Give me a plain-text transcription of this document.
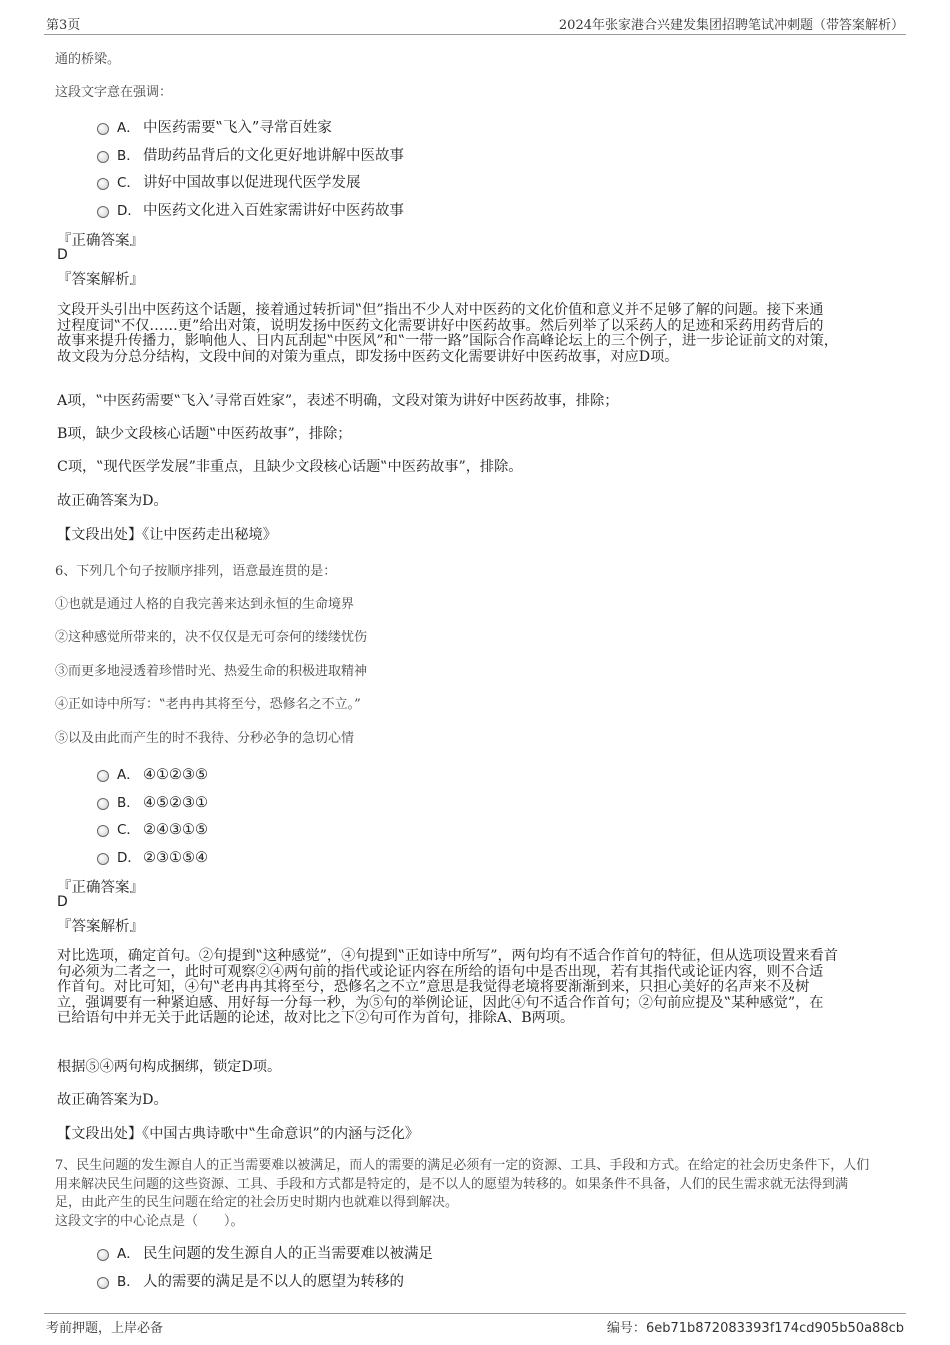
第3页	2024年张家港合兴建发集团招聘笔试冲刺题（带答案解析）
通的桥梁。
这段文字意在强调：
A． 中医药需要‟飞入”寻常百姓家
B． 借助药品背后的文化更好地讲解中医故事
C． 讲好中国故事以促进现代医学发展
D． 中医药文化进入百姓家需讲好中医药故事
『正确答案』
D
『答案解析』

文段开头引出中医药这个话题，接着通过转折词‟但”指出不少人对中医药的文化价值和意义并不足够了解的问题。接下来通

过程度词‟不仅……更”给出对策，说明发扬中医药文化需要讲好中医药故事。然后列举了以采药人的足迹和采药用药背后的

故事来提升传播力，影响他人、日内瓦刮起‟中医风”和‟一带一路”国际合作高峰论坛上的三个例子，进一步论证前文的对策，

故文段为分总分结构，文段中间的对策为重点，即发扬中医药文化需要讲好中医药故事，对应D项。

A项，‟中医药需要‟飞入’寻常百姓家”，表述不明确，文段对策为讲好中医药故事，排除；
B项，缺少文段核心话题‟中医药故事”，排除；
C项，‟现代医学发展”非重点，且缺少文段核心话题‟中医药故事”，排除。
故正确答案为D。
【文段出处】《让中医药走出秘境》
6、下列几个句子按顺序排列，语意最连贯的是：
①也就是通过人格的自我完善来达到永恒的生命境界
②这种感觉所带来的，决不仅仅是无可奈何的缕缕忧伤
③而更多地浸透着珍惜时光、热爱生命的积极进取精神
④正如诗中所写：‟老冉冉其将至兮，恐修名之不立。”
⑤以及由此而产生的时不我待、分秒必争的急切心情
A． ④①②③⑤
B． ④⑤②③①
C． ②④③①⑤
D． ②③①⑤④
『正确答案』
D
『答案解析』

对比选项，确定首句。②句提到‟这种感觉”，④句提到‟正如诗中所写”，两句均有不适合作首句的特征，但从选项设置来看首

句必须为二者之一，此时可观察②④两句前的指代或论证内容在所给的语句中是否出现，若有其指代或论证内容，则不合适

作首句。对比可知，④句‟老冉冉其将至兮，恐修名之不立”意思是我觉得老境将要渐渐到来，只担心美好的名声来不及树

立，强调要有一种紧迫感、用好每一分每一秒，为⑤句的举例论证，因此④句不适合作首句；②句前应提及‟某种感觉”，在

已给语句中并无关于此话题的论述，故对比之下②句可作为首句，排除A、B两项。

根据⑤④两句构成捆绑，锁定D项。
故正确答案为D。
【文段出处】《中国古典诗歌中‟生命意识”的内涵与泛化》

7、民生问题的发生源自人的正当需要难以被满足，而人的需要的满足必须有一定的资源、工具、手段和方式。在给定的社会历史条件下，人们

用来解决民生问题的这些资源、工具、手段和方式都是特定的，是不以人的愿望为转移的。如果条件不具备，人们的民生需求就无法得到满

足，由此产生的民生问题在给定的社会历史时期内也就难以得到解决。

这段文字的中心论点是（　　）。

A． 民生问题的发生源自人的正当需要难以被满足
B． 人的需要的满足是不以人的愿望为转移的
考前押题，上岸必备	编号：6eb71b872083393f174cd905b50a88cb
